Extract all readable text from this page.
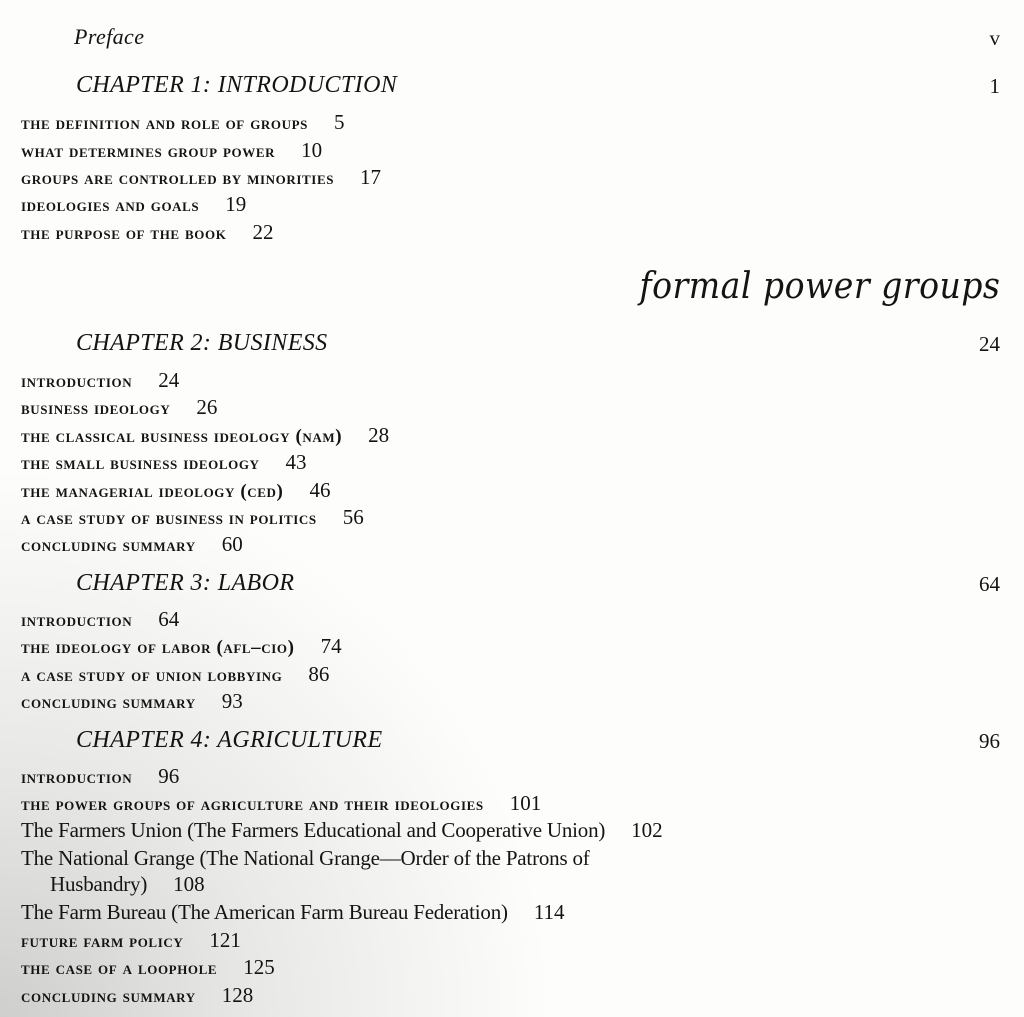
Preface	v
CHAPTER 1: INTRODUCTION	1
the definition and role of groups 5
what determines group power 10
groups are controlled by minorities 17
ideologies and goals 19
the purpose of the book 22
formal power groups
CHAPTER 2: BUSINESS	24
introduction 24
business ideology 26
the classical business ideology (nam) 28
the small business ideology 43
the managerial ideology (ced) 46
a case study of business in politics 56
concluding summary 60
CHAPTER 3: LABOR	64
introduction 64
the ideology of labor (afl–cio) 74
a case study of union lobbying 86
concluding summary 93
CHAPTER 4: AGRICULTURE	96
introduction 96
the power groups of agriculture and their ideologies 101
The Farmers Union (The Farmers Educational and Cooperative Union) 102
The National Grange (The National Grange—Order of the Patrons of
Husbandry) 108
The Farm Bureau (The American Farm Bureau Federation) 114
future farm policy 121
the case of a loophole 125
concluding summary 128
